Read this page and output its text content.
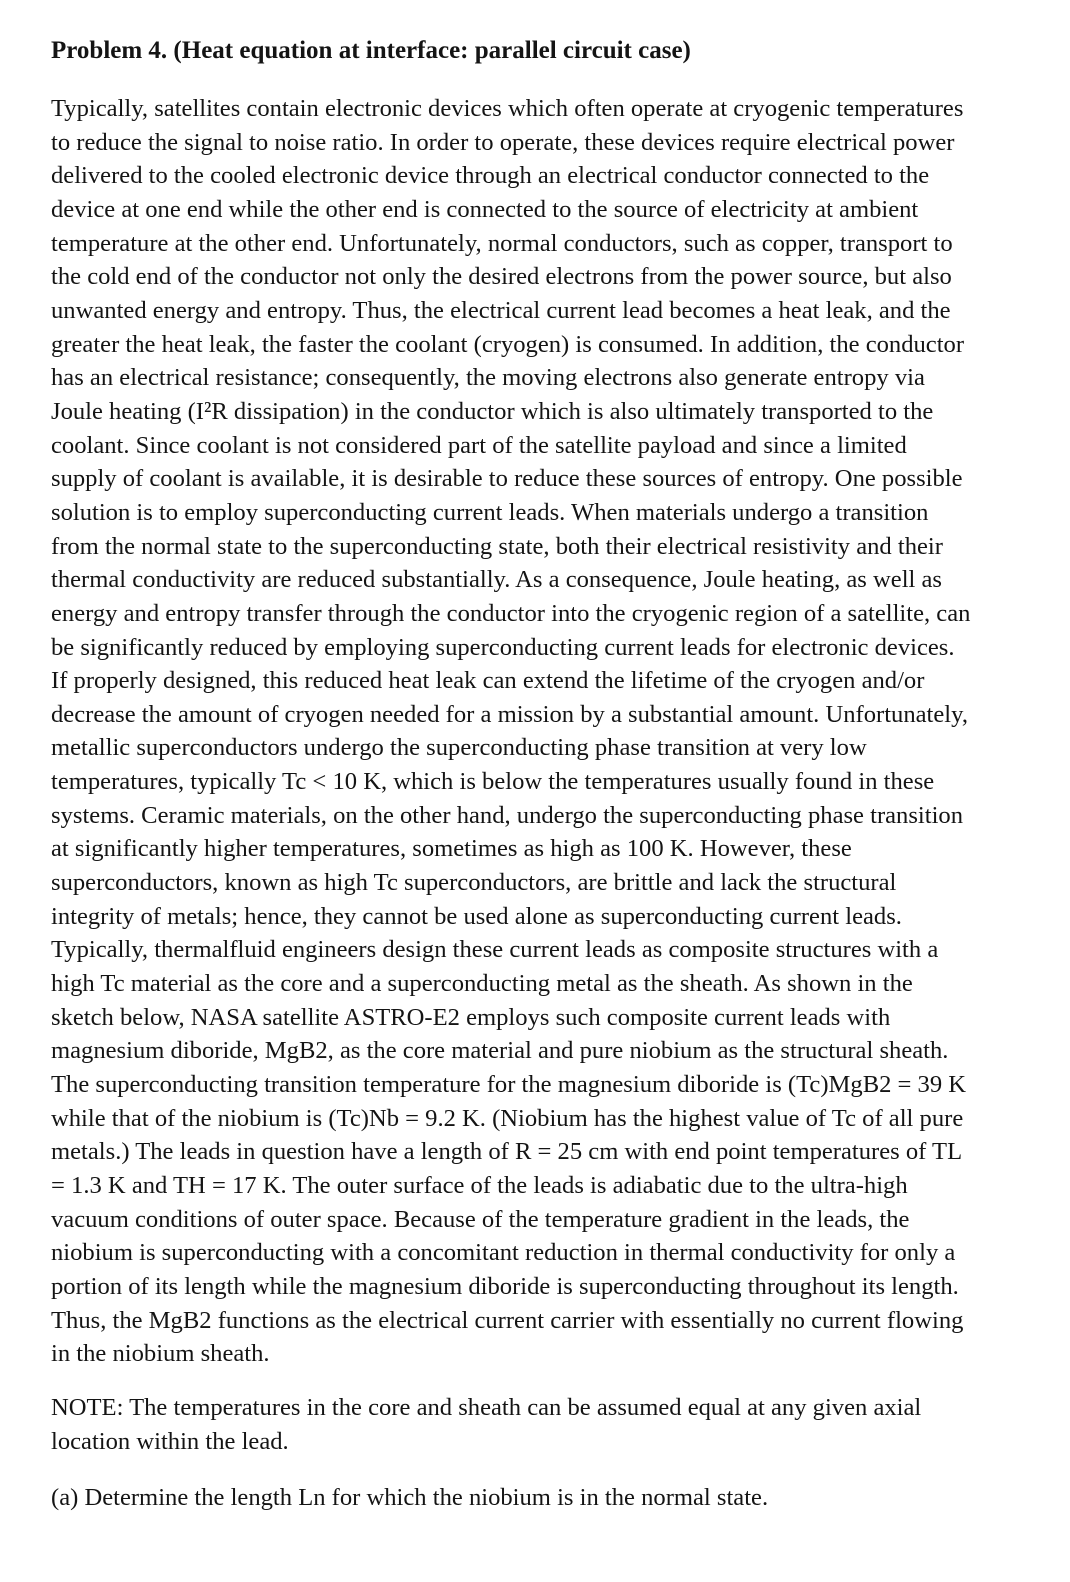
Problem 4. (Heat equation at interface: parallel circuit case)
Typically, satellites contain electronic devices which often operate at cryogenic temperatures
to reduce the signal to noise ratio. In order to operate, these devices require electrical power
delivered to the cooled electronic device through an electrical conductor connected to the
device at one end while the other end is connected to the source of electricity at ambient
temperature at the other end. Unfortunately, normal conductors, such as copper, transport to
the cold end of the conductor not only the desired electrons from the power source, but also
unwanted energy and entropy. Thus, the electrical current lead becomes a heat leak, and the
greater the heat leak, the faster the coolant (cryogen) is consumed. In addition, the conductor
has an electrical resistance; consequently, the moving electrons also generate entropy via
Joule heating (I²R dissipation) in the conductor which is also ultimately transported to the
coolant. Since coolant is not considered part of the satellite payload and since a limited
supply of coolant is available, it is desirable to reduce these sources of entropy. One possible
solution is to employ superconducting current leads. When materials undergo a transition
from the normal state to the superconducting state, both their electrical resistivity and their
thermal conductivity are reduced substantially. As a consequence, Joule heating, as well as
energy and entropy transfer through the conductor into the cryogenic region of a satellite, can
be significantly reduced by employing superconducting current leads for electronic devices.
If properly designed, this reduced heat leak can extend the lifetime of the cryogen and/or
decrease the amount of cryogen needed for a mission by a substantial amount. Unfortunately,
metallic superconductors undergo the superconducting phase transition at very low
temperatures, typically Tc < 10 K, which is below the temperatures usually found in these
systems. Ceramic materials, on the other hand, undergo the superconducting phase transition
at significantly higher temperatures, sometimes as high as 100 K. However, these
superconductors, known as high Tc superconductors, are brittle and lack the structural
integrity of metals; hence, they cannot be used alone as superconducting current leads.
Typically, thermalfluid engineers design these current leads as composite structures with a
high Tc material as the core and a superconducting metal as the sheath. As shown in the
sketch below, NASA satellite ASTRO-E2 employs such composite current leads with
magnesium diboride, MgB2, as the core material and pure niobium as the structural sheath.
The superconducting transition temperature for the magnesium diboride is (Tc)MgB2 = 39 K
while that of the niobium is (Tc)Nb = 9.2 K. (Niobium has the highest value of Tc of all pure
metals.) The leads in question have a length of R = 25 cm with end point temperatures of TL
= 1.3 K and TH = 17 K. The outer surface of the leads is adiabatic due to the ultra-high
vacuum conditions of outer space. Because of the temperature gradient in the leads, the
niobium is superconducting with a concomitant reduction in thermal conductivity for only a
portion of its length while the magnesium diboride is superconducting throughout its length.
Thus, the MgB2 functions as the electrical current carrier with essentially no current flowing
in the niobium sheath.
NOTE: The temperatures in the core and sheath can be assumed equal at any given axial
location within the lead.
(a) Determine the length Ln for which the niobium is in the normal state.
